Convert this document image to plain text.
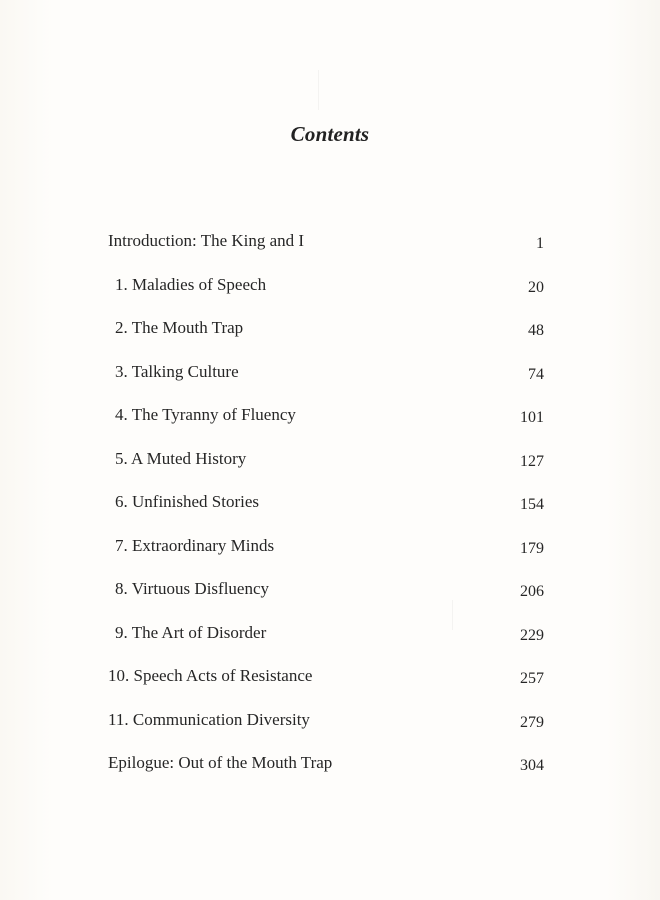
Contents
Introduction: The King and I	1
1. Maladies of Speech	20
2. The Mouth Trap	48
3. Talking Culture	74
4. The Tyranny of Fluency	101
5. A Muted History	127
6. Unfinished Stories	154
7. Extraordinary Minds	179
8. Virtuous Disfluency	206
9. The Art of Disorder	229
10. Speech Acts of Resistance	257
11. Communication Diversity	279
Epilogue: Out of the Mouth Trap	304
